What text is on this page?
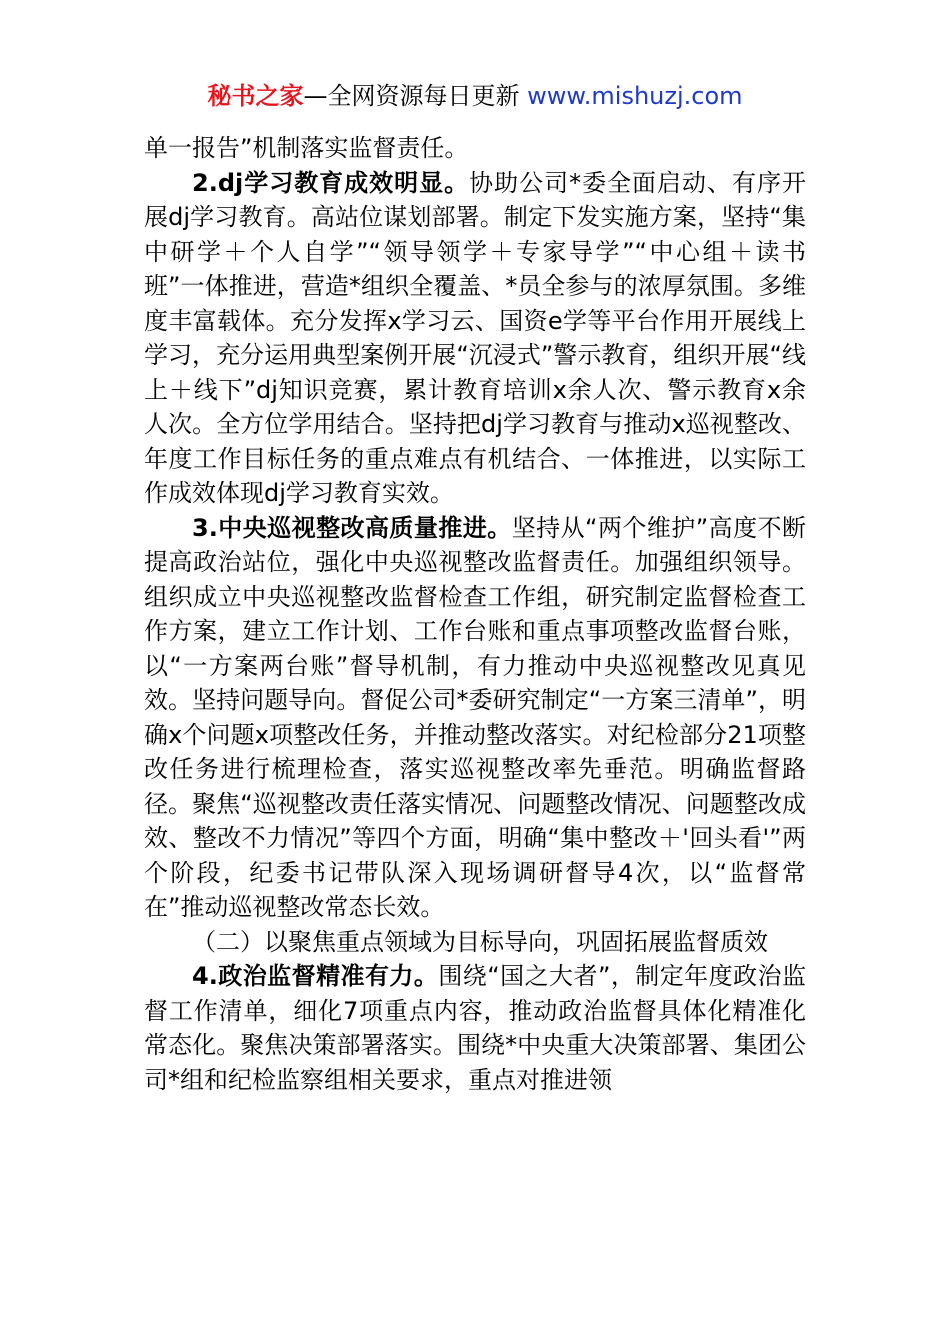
秘书之家—全网资源每日更新 www.mishuzj.com

单一报告”机制落实监督责任。

2.dj学习教育成效明显。协助公司*委全面启动、有序开展dj学习教育。高站位谋划部署。制定下发实施方案，坚持“集中研学＋个人自学”“领导领学＋专家导学”“中心组＋读书班”一体推进，营造*组织全覆盖、*员全参与的浓厚氛围。多维度丰富载体。充分发挥x学习云、国资e学等平台作用开展线上学习，充分运用典型案例开展“沉浸式”警示教育，组织开展“线上＋线下”dj知识竞赛，累计教育培训x余人次、警示教育x余人次。全方位学用结合。坚持把dj学习教育与推动x巡视整改、年度工作目标任务的重点难点有机结合、一体推进，以实际工作成效体现dj学习教育实效。

3.中央巡视整改高质量推进。坚持从“两个维护”高度不断提高政治站位，强化中央巡视整改监督责任。加强组织领导。组织成立中央巡视整改监督检查工作组，研究制定监督检查工作方案，建立工作计划、工作台账和重点事项整改监督台账，以“一方案两台账”督导机制，有力推动中央巡视整改见真见效。坚持问题导向。督促公司*委研究制定“一方案三清单”，明确x个问题x项整改任务，并推动整改落实。对纪检部分21项整改任务进行梳理检查，落实巡视整改率先垂范。明确监督路径。聚焦“巡视整改责任落实情况、问题整改情况、问题整改成效、整改不力情况”等四个方面，明确“集中整改＋'回头看'”两个阶段，纪委书记带队深入现场调研督导4次，以“监督常在”推动巡视整改常态长效。

（二）以聚焦重点领域为目标导向，巩固拓展监督质效

4.政治监督精准有力。围绕“国之大者”，制定年度政治监督工作清单，细化7项重点内容，推动政治监督具体化精准化常态化。聚焦决策部署落实。围绕*中央重大决策部署、集团公司*组和纪检监察组相关要求，重点对推进领
